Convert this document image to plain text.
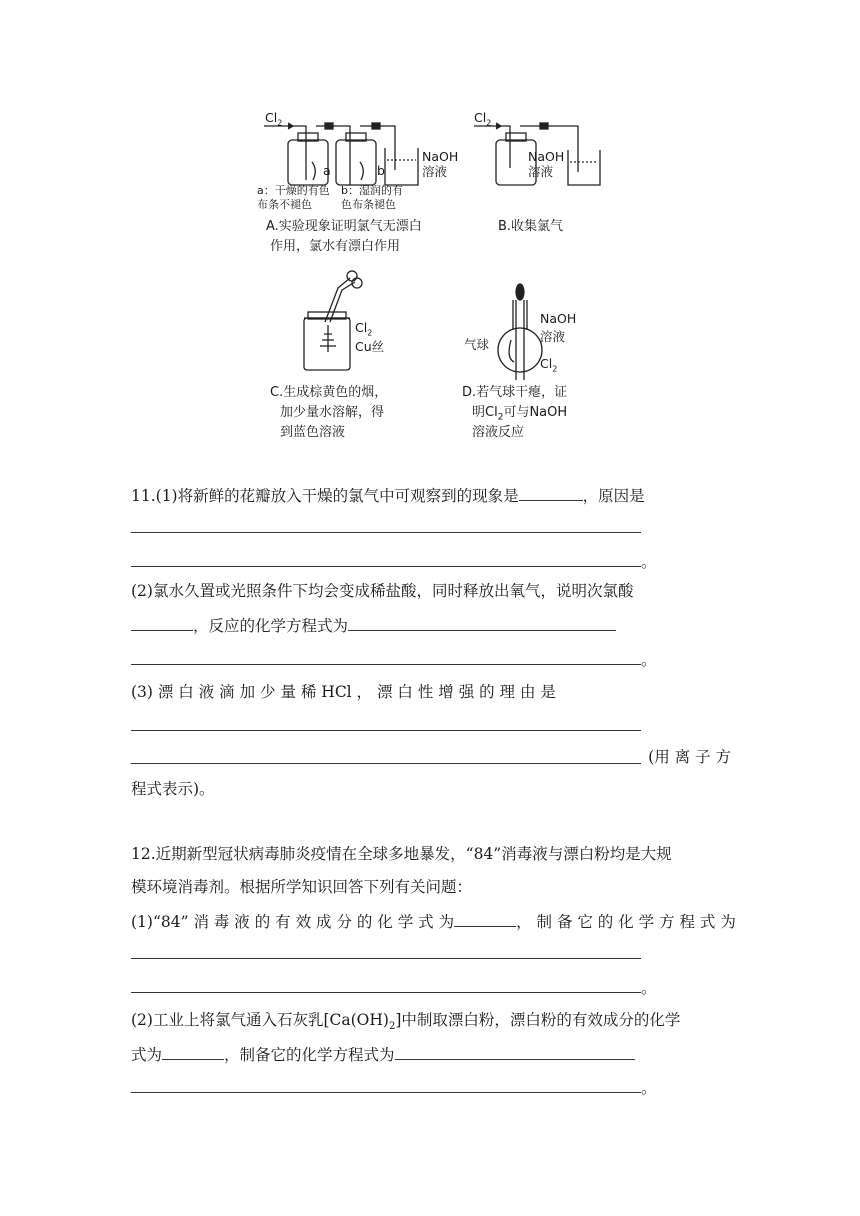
$Cl_2$
a	b
NaOH
溶液
a：干燥的有色
布条不褪色
b：湿润的有
色布条褪色
A.实验现象证明氯气无漂白
作用，氯水有漂白作用
$Cl_2$
NaOH
溶液
B.收集氯气
$Cl_2$
Cu丝
C.生成棕黄色的烟，
加少量水溶解，得
到蓝色溶液
NaOH
溶液
气球
$Cl_2$
D.若气球干瘪，证
明$Cl_2$可与NaOH
溶液反应
11.(1)将新鲜的花瓣放入干燥的氯气中可观察到的现象是	，原因是
。
(2)氯水久置或光照条件下均会变成稀盐酸，同时释放出氧气，说明次氯酸
，反应的化学方程式为
。
(3) 漂 白 液 滴 加 少 量 稀 HCl ， 漂 白 性 增 强 的 理 由 是
(用 离 子 方
程式表示)。
12.近期新型冠状病毒肺炎疫情在全球多地暴发，“84”消毒液与漂白粉均是大规
模环境消毒剂。根据所学知识回答下列有关问题：
(1)“84” 消 毒 液 的 有 效 成 分 的 化 学 式 为	， 制 备 它 的 化 学 方 程 式 为
。
(2)工业上将氯气通入石灰乳$[Ca(OH)_2]$中制取漂白粉，漂白粉的有效成分的化学
式为	，制备它的化学方程式为
。
